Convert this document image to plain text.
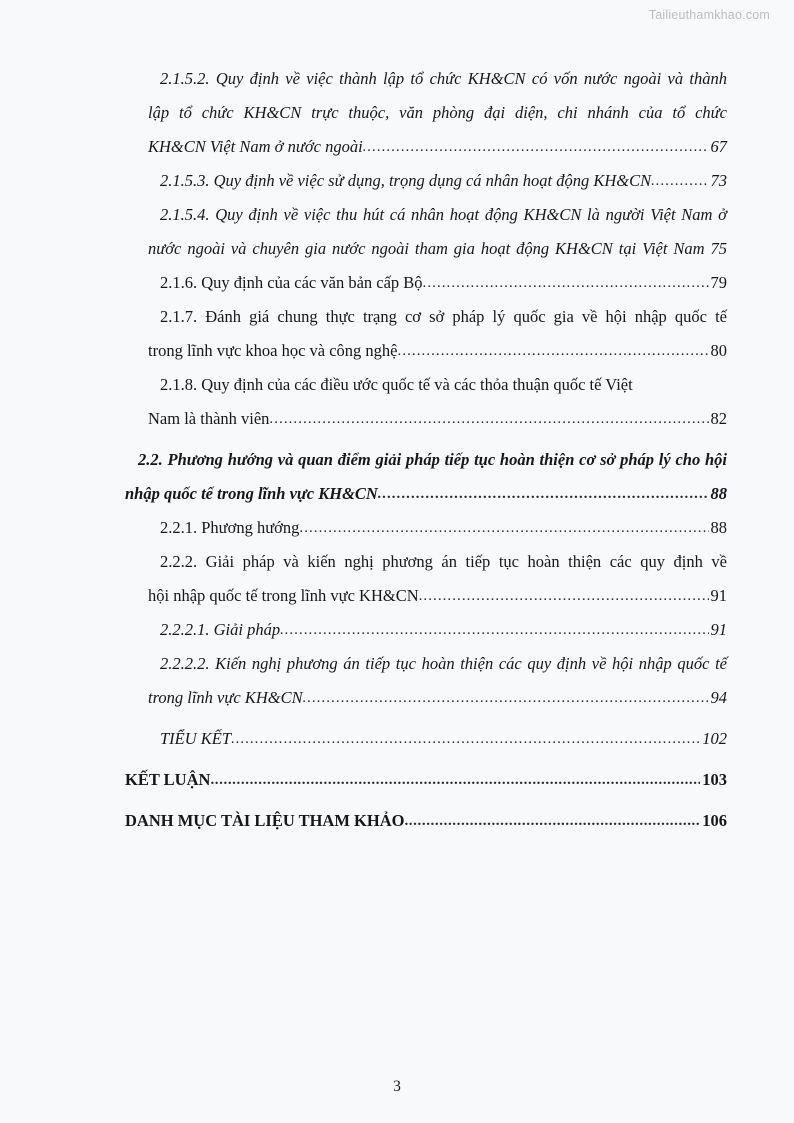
Tailieuthamkhao.com
2.1.5.2. Quy định về việc thành lập tổ chức KH&CN có vốn nước ngoài và thành
lập tổ chức KH&CN trực thuộc, văn phòng đại diện, chi nhánh của tổ chức
KH&CN Việt Nam ở nước ngoài .....	67
2.1.5.3. Quy định về việc sử dụng, trọng dụng cá nhân hoạt động KH&CN .....	73
2.1.5.4. Quy định về việc thu hút cá nhân hoạt động KH&CN là người Việt Nam ở
nước ngoài và chuyên gia nước ngoài tham gia hoạt động KH&CN tại Việt Nam 75
2.1.6. Quy định của các văn bản cấp Bộ .....	79
2.1.7. Đánh giá chung thực trạng cơ sở pháp lý quốc gia về hội nhập quốc tế
trong lĩnh vực khoa học và công nghệ .....	80
2.1.8. Quy định của các điều ước quốc tế và các thỏa thuận quốc tế Việt
Nam là thành viên .....	82
2.2. Phương hướng và quan điểm giải pháp tiếp tục hoàn thiện cơ sở pháp lý cho hội
nhập quốc tế trong lĩnh vực KH&CN .....	88
2.2.1. Phương hướng .....	88
2.2.2. Giải pháp và kiến nghị phương án tiếp tục hoàn thiện các quy định về
hội nhập quốc tế trong lĩnh vực KH&CN .....	91
2.2.2.1. Giải pháp .....	91
2.2.2.2. Kiến nghị phương án tiếp tục hoàn thiện các quy định về hội nhập quốc tế
trong lĩnh vực KH&CN .....	94
TIỂU KẾT .....	102
KẾT LUẬN .....	103
DANH MỤC TÀI LIỆU THAM KHẢO .....	106
3
